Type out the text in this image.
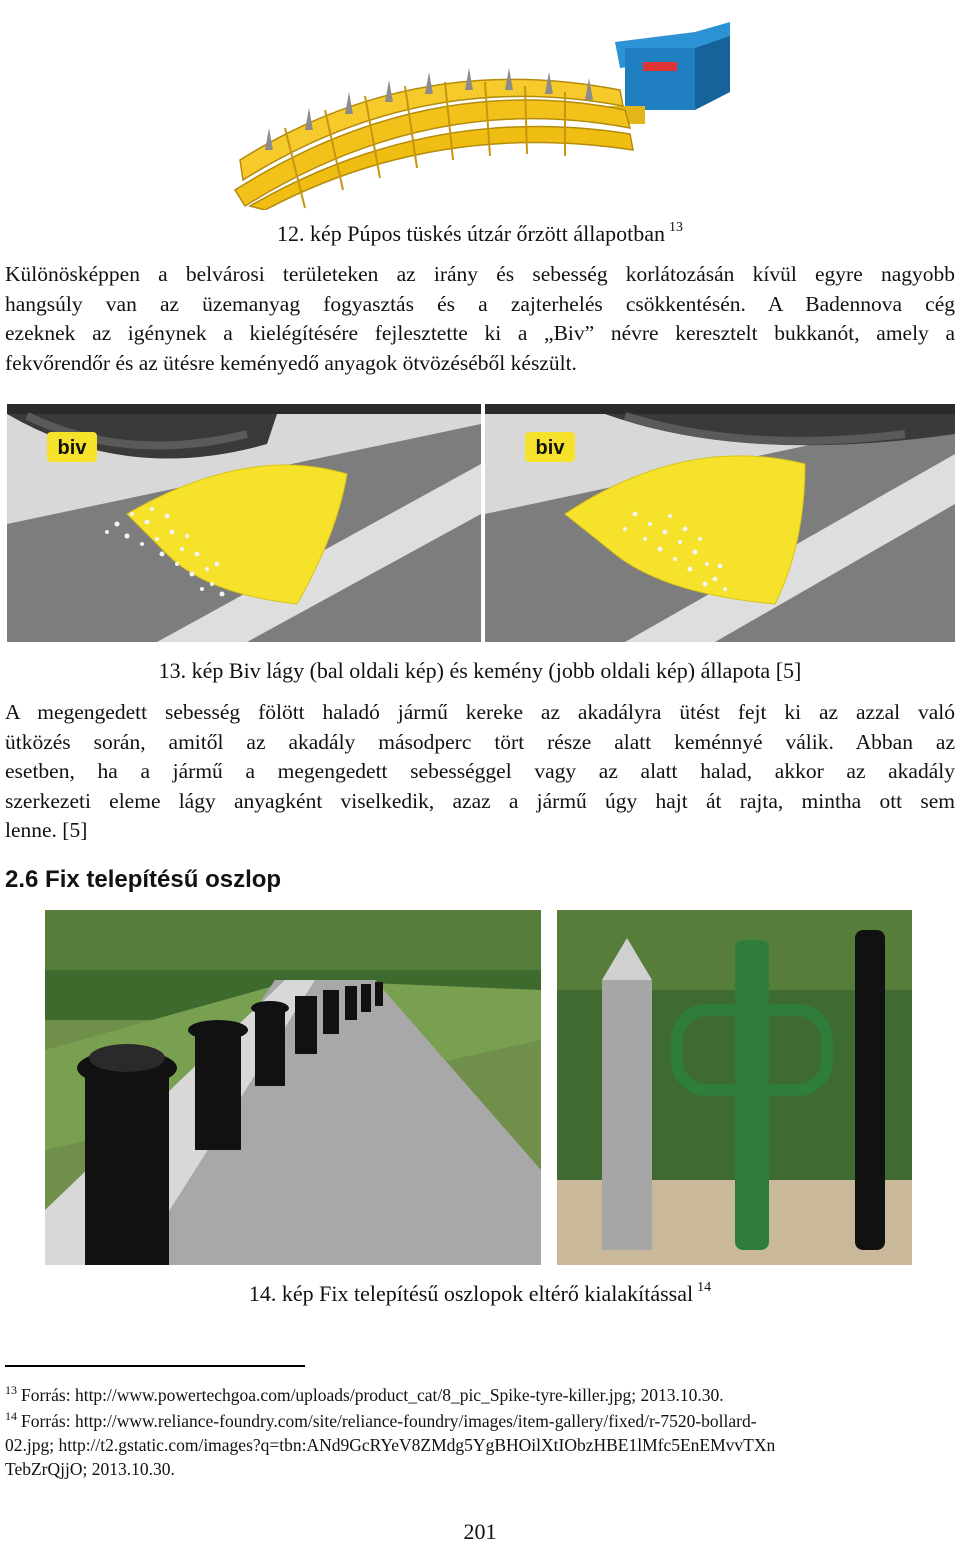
12. kép Púpos tüskés útzár őrzött állapotban $^{13}$
Különösképpen a belvárosi területeken az irány és sebesség korlátozásán kívül egyre nagyobb
hangsúly van az üzemanyag fogyasztás és a zajterhelés csökkentésén. A Badennova cég
ezeknek az igénynek a kielégítésére fejlesztette ki a „Biv” névre keresztelt bukkanót, amely a
fekvőrendőr és az ütésre keményedő anyagok ötvözéséből készült.
biv	biv
13. kép Biv lágy (bal oldali kép) és kemény (jobb oldali kép) állapota [5]
A megengedett sebesség fölött haladó jármű kereke az akadályra ütést fejt ki az azzal való
ütközés során, amitől az akadály másodperc tört része alatt keménnyé válik. Abban az
esetben, ha a jármű a megengedett sebességgel vagy az alatt halad, akkor az akadály
szerkezeti eleme lágy anyagként viselkedik, azaz a jármű úgy hajt át rajta, mintha ott sem
lenne. [5]
2.6 Fix telepítésű oszlop
14. kép Fix telepítésű oszlopok eltérő kialakítással $^{14}$
$^{13}$ Forrás: http://www.powertechgoa.com/uploads/product_cat/8_pic_Spike-tyre-killer.jpg; 2013.10.30.
$^{14}$ Forrás: http://www.reliance-foundry.com/site/reliance-foundry/images/item-gallery/fixed/r-7520-bollard-
02.jpg; http://t2.gstatic.com/images?q=tbn:ANd9GcRYeV8ZMdg5YgBHOilXtIObzHBE1lMfc5EnEMvvTXn
TebZrQjjO; 2013.10.30.
201
